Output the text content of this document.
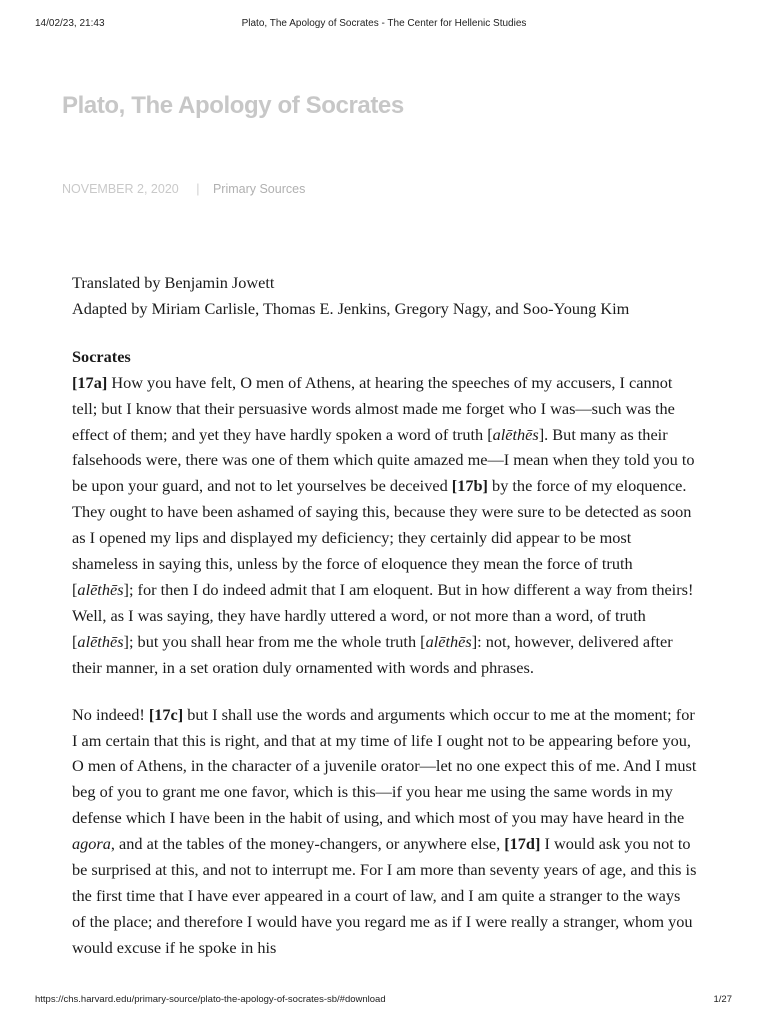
14/02/23, 21:43	Plato, The Apology of Socrates - The Center for Hellenic Studies
Plato, The Apology of Socrates
NOVEMBER 2, 2020 | Primary Sources

Translated by Benjamin Jowett

Adapted by Miriam Carlisle, Thomas E. Jenkins, Gregory Nagy, and Soo-Young Kim

Socrates

[17a] How you have felt, O men of Athens, at hearing the speeches of my accusers, I cannot tell; but I know that their persuasive words almost made me forget who I was—such was the effect of them; and yet they have hardly spoken a word of truth [alēthēs]. But many as their falsehoods were, there was one of them which quite amazed me—I mean when they told you to be upon your guard, and not to let yourselves be deceived [17b] by the force of my eloquence. They ought to have been ashamed of saying this, because they were sure to be detected as soon as I opened my lips and displayed my deficiency; they certainly did appear to be most shameless in saying this, unless by the force of eloquence they mean the force of truth [alēthēs]; for then I do indeed admit that I am eloquent. But in how different a way from theirs! Well, as I was saying, they have hardly uttered a word, or not more than a word, of truth [alēthēs]; but you shall hear from me the whole truth [alēthēs]: not, however, delivered after their manner, in a set oration duly ornamented with words and phrases.

No indeed! [17c] but I shall use the words and arguments which occur to me at the moment; for I am certain that this is right, and that at my time of life I ought not to be appearing before you, O men of Athens, in the character of a juvenile orator—let no one expect this of me. And I must beg of you to grant me one favor, which is this—if you hear me using the same words in my defense which I have been in the habit of using, and which most of you may have heard in the agora, and at the tables of the money-changers, or anywhere else, [17d] I would ask you not to be surprised at this, and not to interrupt me. For I am more than seventy years of age, and this is the first time that I have ever appeared in a court of law, and I am quite a stranger to the ways of the place; and therefore I would have you regard me as if I were really a stranger, whom you would excuse if he spoke in his

https://chs.harvard.edu/primary-source/plato-the-apology-of-socrates-sb/#download	1/27
